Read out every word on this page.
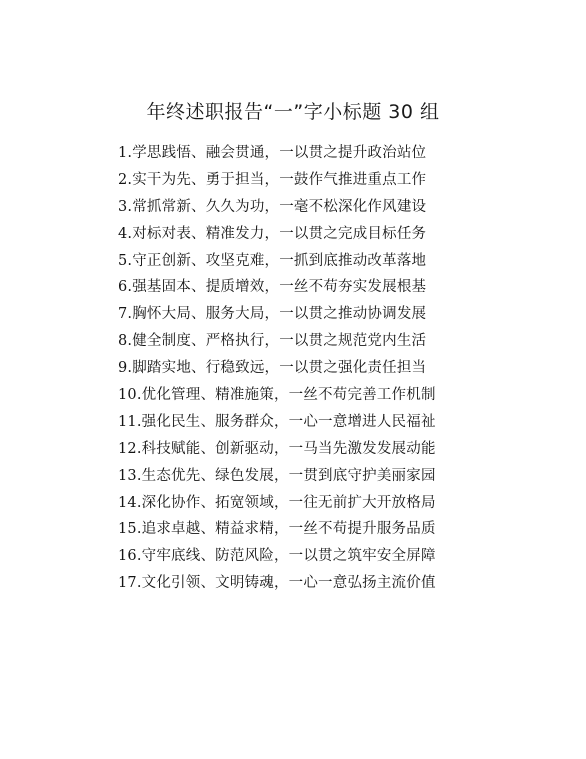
年终述职报告“一”字小标题 30 组
1.学思践悟、融会贯通，一以贯之提升政治站位
2.实干为先、勇于担当，一鼓作气推进重点工作
3.常抓常新、久久为功，一毫不松深化作风建设
4.对标对表、精准发力，一以贯之完成目标任务
5.守正创新、攻坚克难，一抓到底推动改革落地
6.强基固本、提质增效，一丝不苟夯实发展根基
7.胸怀大局、服务大局，一以贯之推动协调发展
8.健全制度、严格执行，一以贯之规范党内生活
9.脚踏实地、行稳致远，一以贯之强化责任担当
10.优化管理、精准施策，一丝不苟完善工作机制
11.强化民生、服务群众，一心一意增进人民福祉
12.科技赋能、创新驱动，一马当先激发发展动能
13.生态优先、绿色发展，一贯到底守护美丽家园
14.深化协作、拓宽领域，一往无前扩大开放格局
15.追求卓越、精益求精，一丝不苟提升服务品质
16.守牢底线、防范风险，一以贯之筑牢安全屏障
17.文化引领、文明铸魂，一心一意弘扬主流价值
